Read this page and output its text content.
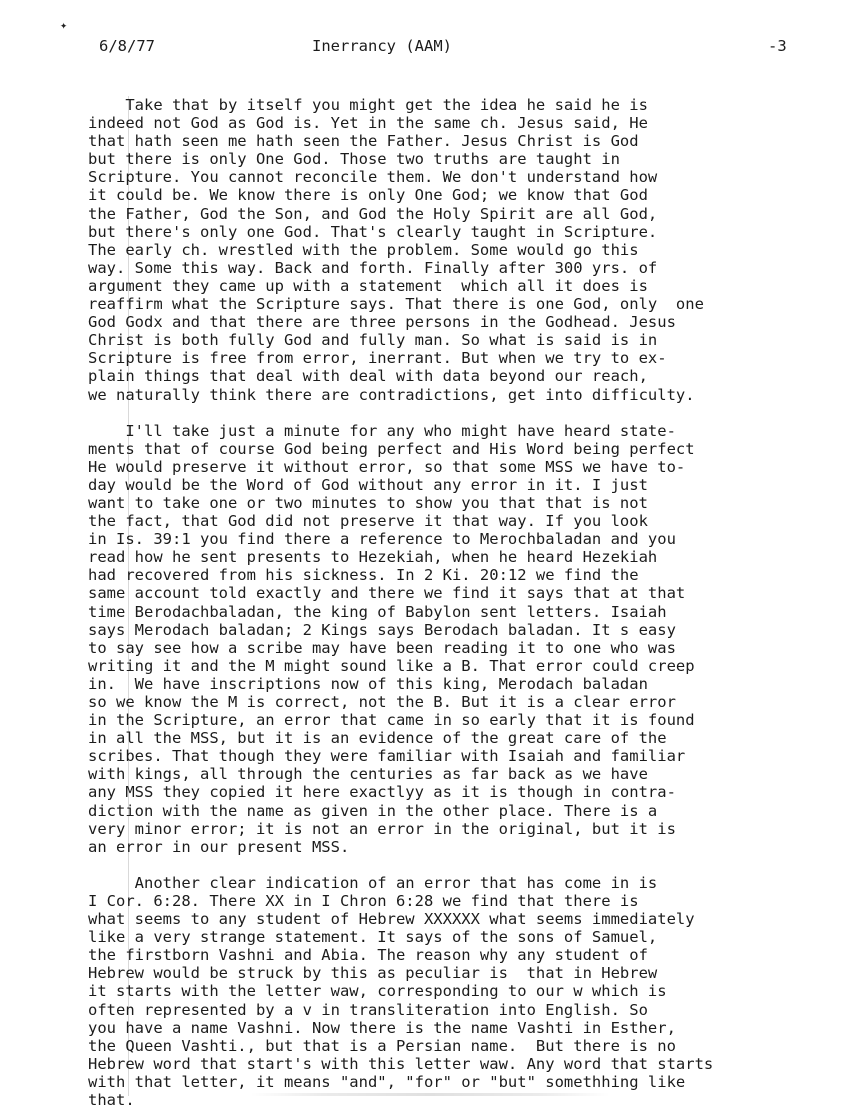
✦
6/8/77	Inerrancy (AAM)	-3
Take that by itself you might get the idea he said he is
indeed not God as God is. Yet in the same ch. Jesus said, He
that hath seen me hath seen the Father. Jesus Christ is God
but there is only One God. Those two truths are taught in
Scripture. You cannot reconcile them. We don't understand how
it could be. We know there is only One God; we know that God
the Father, God the Son, and God the Holy Spirit are all God,
but there's only one God. That's clearly taught in Scripture.
The early ch. wrestled with the problem. Some would go this
way. Some this way. Back and forth. Finally after 300 yrs. of
argument they came up with a statement  which all it does is
reaffirm what the Scripture says. That there is one God, only  one
God Godx and that there are three persons in the Godhead. Jesus
Christ is both fully God and fully man. So what is said is in
Scripture is free from error, inerrant. But when we try to ex-
plain things that deal with deal with data beyond our reach,
we naturally think there are contradictions, get into difficulty.
I'll take just a minute for any who might have heard state-
ments that of course God being perfect and His Word being perfect
He would preserve it without error, so that some MSS we have to-
day would be the Word of God without any error in it. I just
want to take one or two minutes to show you that that is not
the fact, that God did not preserve it that way. If you look
in Is. 39:1 you find there a reference to Merochbaladan and you
read how he sent presents to Hezekiah, when he heard Hezekiah
had recovered from his sickness. In 2 Ki. 20:12 we find the
same account told exactly and there we find it says that at that
time Berodachbaladan, the king of Babylon sent letters. Isaiah
says Merodach baladan; 2 Kings says Berodach baladan. It s easy
to say see how a scribe may have been reading it to one who was
writing it and the M might sound like a B. That error could creep
in.  We have inscriptions now of this king, Merodach baladan
so we know the M is correct, not the B. But it is a clear error
in the Scripture, an error that came in so early that it is found
in all the MSS, but it is an evidence of the great care of the
scribes. That though they were familiar with Isaiah and familiar
with kings, all through the centuries as far back as we have
any MSS they copied it here exactlyy as it is though in contra-
diction with the name as given in the other place. There is a
very minor error; it is not an error in the original, but it is
an error in our present MSS.
Another clear indication of an error that has come in is
I Cor. 6:28. There XX in I Chron 6:28 we find that there is
what seems to any student of Hebrew XXXXXX what seems immediately
like a very strange statement. It says of the sons of Samuel,
the firstborn Vashni and Abia. The reason why any student of
Hebrew would be struck by this as peculiar is  that in Hebrew
it starts with the letter waw, corresponding to our w which is
often represented by a v in transliteration into English. So
you have a name Vashni. Now there is the name Vashti in Esther,
the Queen Vashti., but that is a Persian name.  But there is no
Hebrew word that start's with this letter waw. Any word that starts
with that letter, it means "and", "for" or "but" somethhing like
that.
